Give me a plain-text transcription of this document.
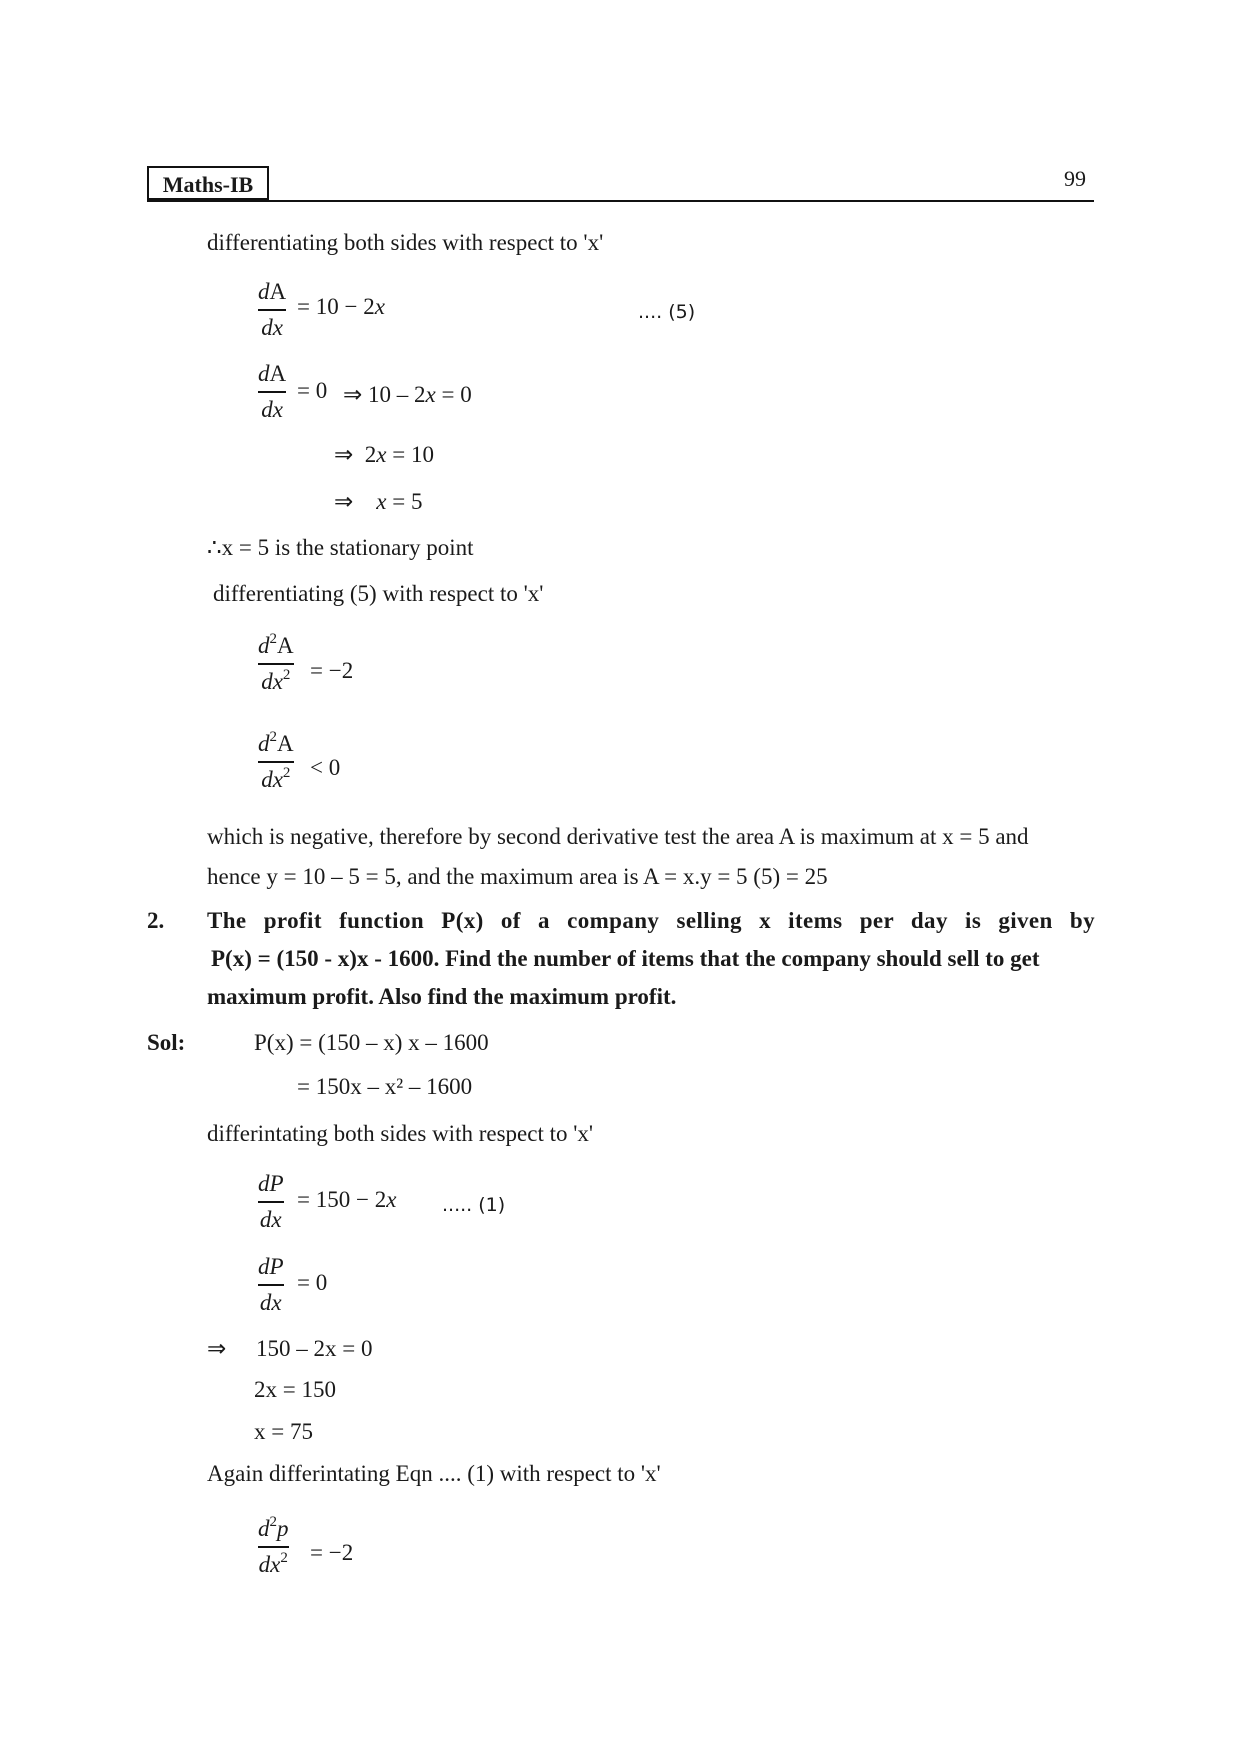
Maths-IB	99
differentiating both sides with respect to 'x'
dA
dx
= 10 − 2x	.... (5)
dA
dx
= 0 ⇒ 10 – 2x = 0
⇒ 2x = 10
⇒ x = 5
∴x = 5 is the stationary point
differentiating (5) with respect to 'x'
$d^2A$
$dx^2 = -2$
$d^2A$
$dx^2 < 0$
which is negative, therefore by second derivative test the area A is maximum at x = 5 and
hence y = 10 – 5 = 5, and the maximum area is A = x.y = 5 (5) = 25
2. The profit function P(x) of a company selling x items per day is given by
P(x) = (150 - x)x - 1600. Find the number of items that the company should sell to get
maximum profit. Also find the maximum profit.
Sol:	P(x) = (150 – x) x – 1600
= 150x – x² – 1600
differintating both sides with respect to 'x'
dP
dx
= 150 − 2x ..... (1)
dP
dx
= 0
⇒ 150 – 2x = 0
2x = 150
x = 75
Again differintating Eqn .... (1) with respect to 'x'
$d^2p$
$dx^2 = -2$
